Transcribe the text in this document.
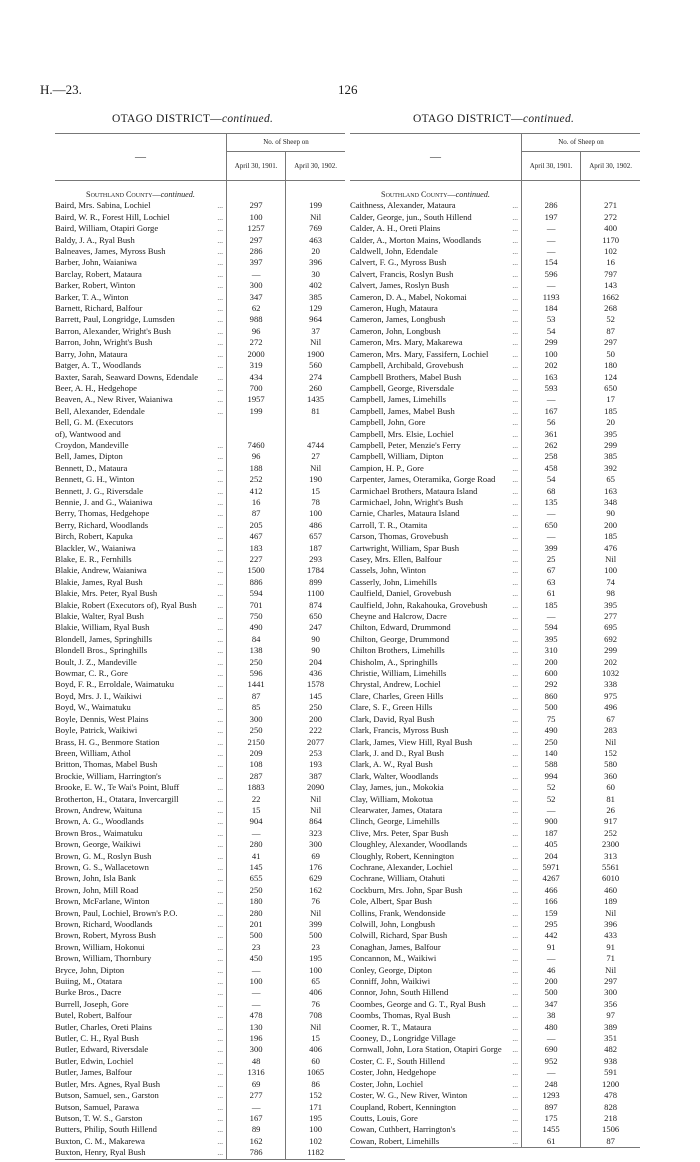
H.—23.	126
OTAGO DISTRICT—continued.	OTAGO DISTRICT—continued.
—		No. of Sheep on	
		April 30, 1901.	April 30, 1902.
Southland County—continued.			
Baird, Mrs. Sabina, Lochiel	...	297	199
Baird, W. R., Forest Hill, Lochiel	...	100	Nil
Baird, William, Otapiri Gorge	...	1257	769
Baldy, J. A., Ryal Bush	...	297	463
Balneaves, James, Myross Bush	...	286	20
Barber, John, Waianiwa	...	397	396
Barclay, Robert, Mataura	...	—	30
Barker, Robert, Winton	...	300	402
Barker, T. A., Winton	...	347	385
Barnett, Richard, Balfour	...	62	129
Barrett, Paul, Longridge, Lumsden	...	988	964
Barron, Alexander, Wright's Bush	...	96	37
Barron, John, Wright's Bush	...	272	Nil
Barry, John, Mataura	...	2000	1900
Batger, A. T., Woodlands	...	319	560
Baxter, Sarah, Seaward Downs, Edendale	...	434	274
Beer, A. H., Hedgehope	...	700	260
Beaven, A., New River, Waianiwa	...	1957	1435
Bell, Alexander, Edendale	...	199	81
Bell, G. M. (Executors of), Wantwood and Croydon, Mandeville	...	7460	4744
Bell, James, Dipton	...	96	27
Bennett, D., Mataura	...	188	Nil
Bennett, G. H., Winton	...	252	190
Bennett, J. G., Riversdale	...	412	15
Bennie, J. and G., Waianiwa	...	16	78
Berry, Thomas, Hedgehope	...	87	100
Berry, Richard, Woodlands	...	205	486
Birch, Robert, Kapuka	...	467	657
Blackler, W., Waianiwa	...	183	187
Blake, E. R., Fernhills	...	227	293
Blakie, Andrew, Waianiwa	...	1500	1784
Blakie, James, Ryal Bush	...	886	899
Blakie, Mrs. Peter, Ryal Bush	...	594	1100
Blakie, Robert (Executors of), Ryal Bush	...	701	874
Blakie, Walter, Ryal Bush	...	750	650
Blakie, William, Ryal Bush	...	490	247
Blondell, James, Springhills	...	84	90
Blondell Bros., Springhills	...	138	90
Boult, J. Z., Mandeville	...	250	204
Bowmar, C. R., Gore	...	596	436
Boyd, F. R., Erroldale, Waimatuku	...	1441	1578
Boyd, Mrs. J. I., Waikiwi	...	87	145
Boyd, W., Waimatuku	...	85	250
Boyle, Dennis, West Plains	...	300	200
Boyle, Patrick, Waikiwi	...	250	222
Brass, H. G., Benmore Station	...	2150	2077
Breen, William, Athol	...	209	253
Britton, Thomas, Mabel Bush	...	108	193
Brockie, William, Harrington's	...	287	387
Brooke, E. W., Te Wai's Point, Bluff	...	1883	2090
Brotherton, H., Otatara, Invercargill	...	22	Nil
Brown, Andrew, Waituna	...	15	Nil
Brown, A. G., Woodlands	...	904	864
Brown Bros., Waimatuku	...	—	323
Brown, George, Waikiwi	...	280	300
Brown, G. M., Roslyn Bush	...	41	69
Brown, G. S., Wallacetown	...	145	176
Brown, John, Isla Bank	...	655	629
Brown, John, Mill Road	...	250	162
Brown, McFarlane, Winton	...	180	76
Brown, Paul, Lochiel, Brown's P.O.	...	280	Nil
Brown, Richard, Woodlands	...	201	399
Brown, Robert, Myross Bush	...	500	500
Brown, William, Hokonui	...	23	23
Brown, William, Thornbury	...	450	195
Bryce, John, Dipton	...	—	100
Buiing, M., Otatara	...	100	65
Burke Bros., Dacre	...	—	406
Burrell, Joseph, Gore	...	—	76
Butel, Robert, Balfour	...	478	708
Butler, Charles, Oreti Plains	...	130	Nil
Butler, C. H., Ryal Bush	...	196	15
Butler, Edward, Riversdale	...	300	406
Butler, Edwin, Lochiel	...	48	60
Butler, James, Balfour	...	1316	1065
Butler, Mrs. Agnes, Ryal Bush	...	69	86
Butson, Samuel, sen., Garston	...	277	152
Butson, Samuel, Parawa	...	—	171
Butson, T. W. S., Garston	...	167	195
Butters, Philip, South Hillend	...	89	100
Buxton, C. M., Makarewa	...	162	102
Buxton, Henry, Ryal Bush	...	786	1182
—		No. of Sheep on	
		April 30, 1901.	April 30, 1902.
Southland County—continued.			
Caithness, Alexander, Mataura	...	286	271
Calder, George, jun., South Hillend	...	197	272
Calder, A. H., Oreti Plains	...	—	400
Calder, A., Morton Mains, Woodlands	...	—	1170
Caldwell, John, Edendale	...	—	102
Calvert, F. G., Myross Bush	...	154	16
Calvert, Francis, Roslyn Bush	...	596	797
Calvert, James, Roslyn Bush	...	—	143
Cameron, D. A., Mabel, Nokomai	...	1193	1662
Cameron, Hugh, Mataura	...	184	268
Cameron, James, Longbush	...	53	52
Cameron, John, Longbush	...	54	87
Cameron, Mrs. Mary, Makarewa	...	299	297
Cameron, Mrs. Mary, Fassifern, Lochiel	...	100	50
Campbell, Archibald, Grovebush	...	202	180
Campbell Brothers, Mabel Bush	...	163	124
Campbell, George, Riversdale	...	593	650
Campbell, James, Limehills	...	—	17
Campbell, James, Mabel Bush	...	167	185
Campbell, John, Gore	...	56	20
Campbell, Mrs. Elsie, Lochiel	...	361	395
Campbell, Peter, Menzie's Ferry	...	262	299
Campbell, William, Dipton	...	258	385
Campion, H. P., Gore	...	458	392
Carpenter, James, Oteramika, Gorge Road	...	54	65
Carmichael Brothers, Mataura Island	...	68	163
Carmichael, John, Wright's Bush	...	135	348
Carnie, Charles, Mataura Island	...	—	90
Carroll, T. R., Otamita	...	650	200
Carson, Thomas, Grovebush	...	—	185
Cartwright, William, Spar Bush	...	399	476
Casey, Mrs. Ellen, Balfour	...	25	Nil
Cassels, John, Winton	...	67	100
Casserly, John, Limehills	...	63	74
Caulfield, Daniel, Grovebush	...	61	98
Caulfield, John, Rakahouka, Grovebush	...	185	395
Cheyne and Halcrow, Dacre	...	—	277
Chilton, Edward, Drummond	...	594	695
Chilton, George, Drummond	...	395	692
Chilton Brothers, Limehills	...	310	299
Chisholm, A., Springhills	...	200	202
Christie, William, Limehills	...	600	1032
Chrystal, Andrew, Lochiel	...	292	338
Clare, Charles, Green Hills	...	860	975
Clare, S. F., Green Hills	...	500	496
Clark, David, Ryal Bush	...	75	67
Clark, Francis, Myross Bush	...	490	283
Clark, James, View Hill, Ryal Bush	...	250	Nil
Clark, J. and D., Ryal Bush	...	140	152
Clark, A. W., Ryal Bush	...	588	580
Clark, Walter, Woodlands	...	994	360
Clay, James, jun., Mokokia	...	52	60
Clay, William, Mokotua	...	52	81
Clearwater, James, Otatara	...	—	26
Clinch, George, Limehills	...	900	917
Clive, Mrs. Peter, Spar Bush	...	187	252
Cloughley, Alexander, Woodlands	...	405	2300
Cloughly, Robert, Kennington	...	204	313
Cochrane, Alexander, Lochiel	...	5971	5561
Cochrane, William, Otahuti	...	4267	6010
Cockburn, Mrs. John, Spar Bush	...	466	460
Cole, Albert, Spar Bush	...	166	189
Collins, Frank, Wendonside	...	159	Nil
Colwill, John, Longbush	...	295	396
Colwill, Richard, Spar Bush	...	442	433
Conaghan, James, Balfour	...	91	91
Concannon, M., Waikiwi	...	—	71
Conley, George, Dipton	...	46	Nil
Conniff, John, Waikiwi	...	200	297
Connor, John, South Hillend	...	500	300
Coombes, George and G. T., Ryal Bush	...	347	356
Coombs, Thomas, Ryal Bush	...	38	97
Coomer, R. T., Mataura	...	480	389
Cooney, D., Longridge Village	...	—	351
Cornwall, John, Lora Station, Otapiri Gorge	...	690	482
Coster, C. F., South Hillend	...	952	938
Coster, John, Hedgehope	...	—	591
Coster, John, Lochiel	...	248	1200
Coster, W. G., New River, Winton	...	1293	478
Coupland, Robert, Kennington	...	897	828
Coutts, Louis, Gore	...	175	218
Cowan, Cuthbert, Harrington's	...	1455	1506
Cowan, Robert, Limehills	...	61	87
